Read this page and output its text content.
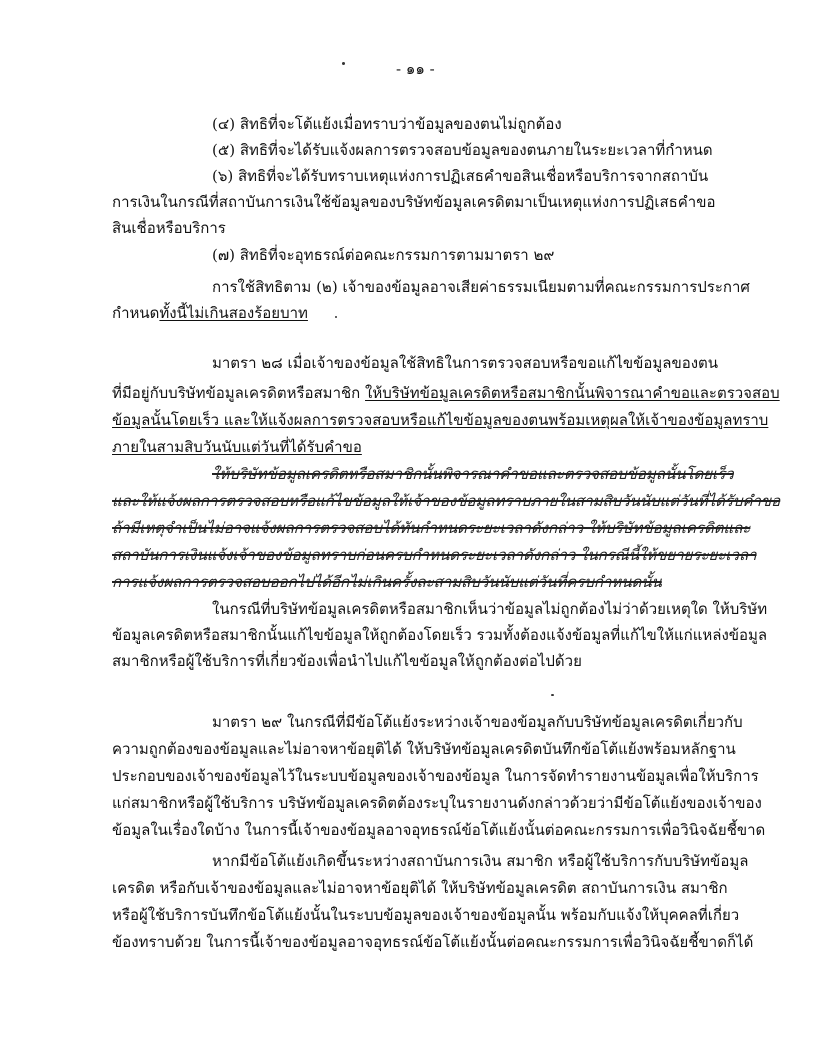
- ๑๑ -
(๔) สิทธิที่จะโต้แย้งเมื่อทราบว่าข้อมูลของตนไม่ถูกต้อง
(๕) สิทธิที่จะได้รับแจ้งผลการตรวจสอบข้อมูลของตนภายในระยะเวลาที่กำหนด
(๖) สิทธิที่จะได้รับทราบเหตุแห่งการปฏิเสธคำขอสินเชื่อหรือบริการจากสถาบัน
การเงินในกรณีที่สถาบันการเงินใช้ข้อมูลของบริษัทข้อมูลเครดิตมาเป็นเหตุแห่งการปฏิเสธคำขอ
สินเชื่อหรือบริการ
(๗) สิทธิที่จะอุทธรณ์ต่อคณะกรรมการตามมาตรา ๒๙
การใช้สิทธิตาม (๒) เจ้าของข้อมูลอาจเสียค่าธรรมเนียมตามที่คณะกรรมการประกาศ
กำหนดทั้งนี้ไม่เกินสองร้อยบาท
มาตรา ๒๘ เมื่อเจ้าของข้อมูลใช้สิทธิในการตรวจสอบหรือขอแก้ไขข้อมูลของตน
ที่มีอยู่กับบริษัทข้อมูลเครดิตหรือสมาชิก ให้บริษัทข้อมูลเครดิตหรือสมาชิกนั้นพิจารณาคำขอและตรวจสอบ
ข้อมูลนั้นโดยเร็ว และให้แจ้งผลการตรวจสอบหรือแก้ไขข้อมูลของตนพร้อมเหตุผลให้เจ้าของข้อมูลทราบ
ภายในสามสิบวันนับแต่วันที่ได้รับคำขอ
ให้บริษัทข้อมูลเครดิตหรือสมาชิกนั้นพิจารณาคำขอและตรวจสอบข้อมูลนั้นโดยเร็ว
และให้แจ้งผลการตรวจสอบหรือแก้ไขข้อมูลให้เจ้าของข้อมูลทราบภายในสามสิบวันนับแต่วันที่ได้รับคำขอ
ถ้ามีเหตุจำเป็นไม่อาจแจ้งผลการตรวจสอบได้ทันกำหนดระยะเวลาดังกล่าว ให้บริษัทข้อมูลเครดิตและ
สถาบันการเงินแจ้งเจ้าของข้อมูลทราบก่อนครบกำหนดระยะเวลาดังกล่าว ในกรณีนี้ให้ขยายระยะเวลา
การแจ้งผลการตรวจสอบออกไปได้อีกไม่เกินครั้งละสามสิบวันนับแต่วันที่ครบกำหนดนั้น
ในกรณีที่บริษัทข้อมูลเครดิตหรือสมาชิกเห็นว่าข้อมูลไม่ถูกต้องไม่ว่าด้วยเหตุใด ให้บริษัท
ข้อมูลเครดิตหรือสมาชิกนั้นแก้ไขข้อมูลให้ถูกต้องโดยเร็ว รวมทั้งต้องแจ้งข้อมูลที่แก้ไขให้แก่แหล่งข้อมูล
สมาชิกหรือผู้ใช้บริการที่เกี่ยวข้องเพื่อนำไปแก้ไขข้อมูลให้ถูกต้องต่อไปด้วย
มาตรา ๒๙ ในกรณีที่มีข้อโต้แย้งระหว่างเจ้าของข้อมูลกับบริษัทข้อมูลเครดิตเกี่ยวกับ
ความถูกต้องของข้อมูลและไม่อาจหาข้อยุติได้ ให้บริษัทข้อมูลเครดิตบันทึกข้อโต้แย้งพร้อมหลักฐาน
ประกอบของเจ้าของข้อมูลไว้ในระบบข้อมูลของเจ้าของข้อมูล ในการจัดทำรายงานข้อมูลเพื่อให้บริการ
แก่สมาชิกหรือผู้ใช้บริการ บริษัทข้อมูลเครดิตต้องระบุในรายงานดังกล่าวด้วยว่ามีข้อโต้แย้งของเจ้าของ
ข้อมูลในเรื่องใดบ้าง ในการนี้เจ้าของข้อมูลอาจอุทธรณ์ข้อโต้แย้งนั้นต่อคณะกรรมการเพื่อวินิจฉัยชี้ขาด
หากมีข้อโต้แย้งเกิดขึ้นระหว่างสถาบันการเงิน สมาชิก หรือผู้ใช้บริการกับบริษัทข้อมูล
เครดิต หรือกับเจ้าของข้อมูลและไม่อาจหาข้อยุติได้ ให้บริษัทข้อมูลเครดิต สถาบันการเงิน สมาชิก
หรือผู้ใช้บริการบันทึกข้อโต้แย้งนั้นในระบบข้อมูลของเจ้าของข้อมูลนั้น พร้อมกับแจ้งให้บุคคลที่เกี่ยว
ข้องทราบด้วย ในการนี้เจ้าของข้อมูลอาจอุทธรณ์ข้อโต้แย้งนั้นต่อคณะกรรมการเพื่อวินิจฉัยชี้ขาดก็ได้
